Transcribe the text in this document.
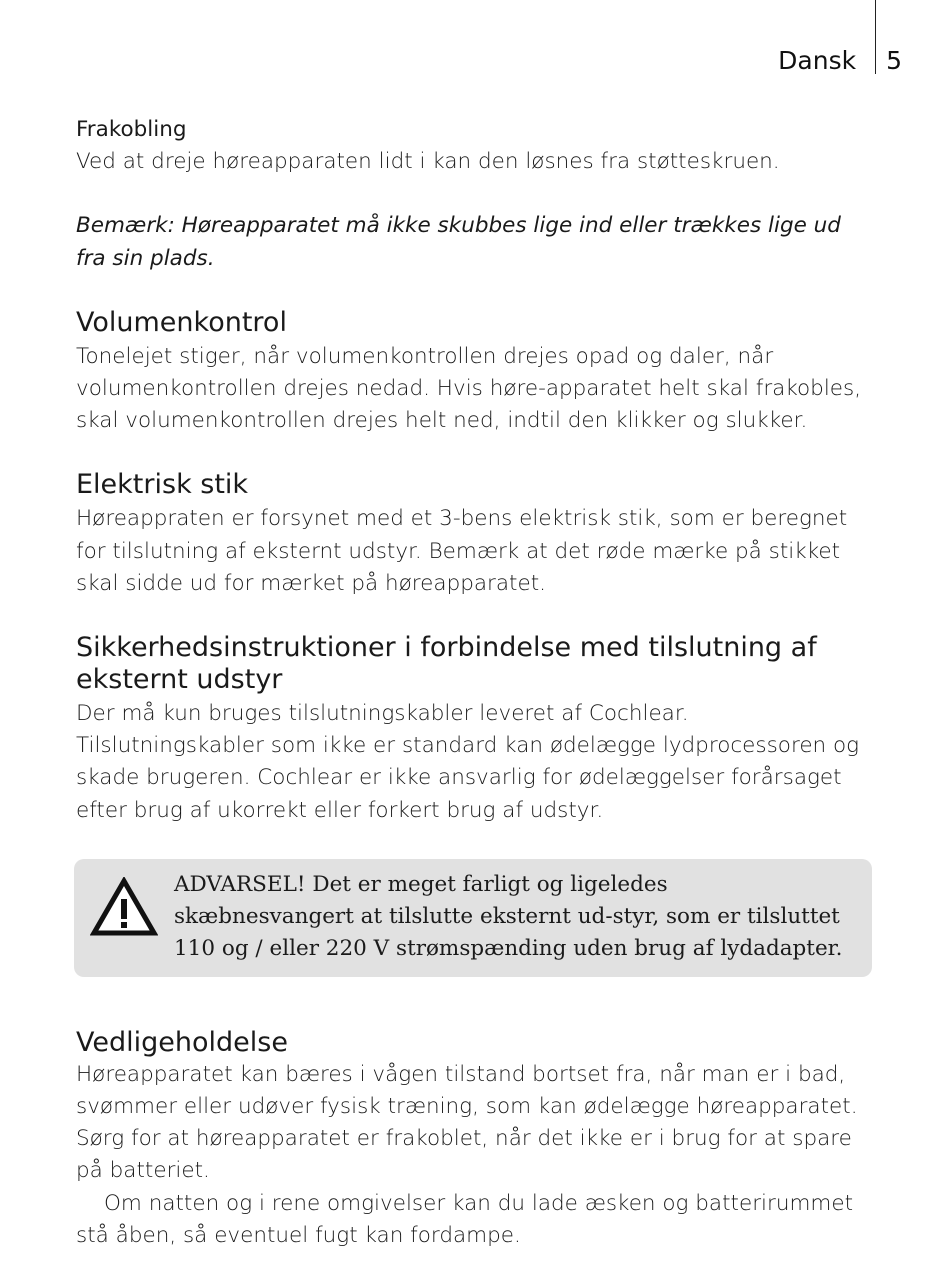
Dansk	5

Frakobling

Ved at dreje høreapparaten lidt i kan den løsnes fra støtteskruen.

Bemærk: Høreapparatet må ikke skubbes lige ind eller trækkes lige ud fra sin plads.

Volumenkontrol

Tonelejet stiger, når volumenkontrollen drejes opad og daler, når volumenkontrollen drejes nedad. Hvis høre-apparatet helt skal frakobles, skal volumenkontrollen drejes helt ned, indtil den klikker og slukker.

Elektrisk stik

Høreappraten er forsynet med et 3-bens elektrisk stik, som er beregnet for tilslutning af eksternt udstyr. Bemærk at det røde mærke på stikket skal sidde ud for mærket på høreapparatet.

Sikkerhedsinstruktioner i forbindelse med tilslutning af eksternt udstyr

Der må kun bruges tilslutningskabler leveret af Cochlear. Tilslutningskabler som ikke er standard kan ødelægge lydprocessoren og skade brugeren. Cochlear er ikke ansvarlig for ødelæggelser forårsaget efter brug af ukorrekt eller forkert brug af udstyr.

ADVARSEL! Det er meget farligt og ligeledes skæbnesvangert at tilslutte eksternt ud-styr, som er tilsluttet 110 og / eller 220 V strømspænding uden brug af lydadapter.
Vedligeholdelse

Høreapparatet kan bæres i vågen tilstand bortset fra, når man er i bad, svømmer eller udøver fysisk træning, som kan ødelægge høreapparatet. Sørg for at høreapparatet er frakoblet, når det ikke er i brug for at spare på batteriet.

Om natten og i rene omgivelser kan du lade æsken og batterirummet stå åben, så eventuel fugt kan fordampe.
